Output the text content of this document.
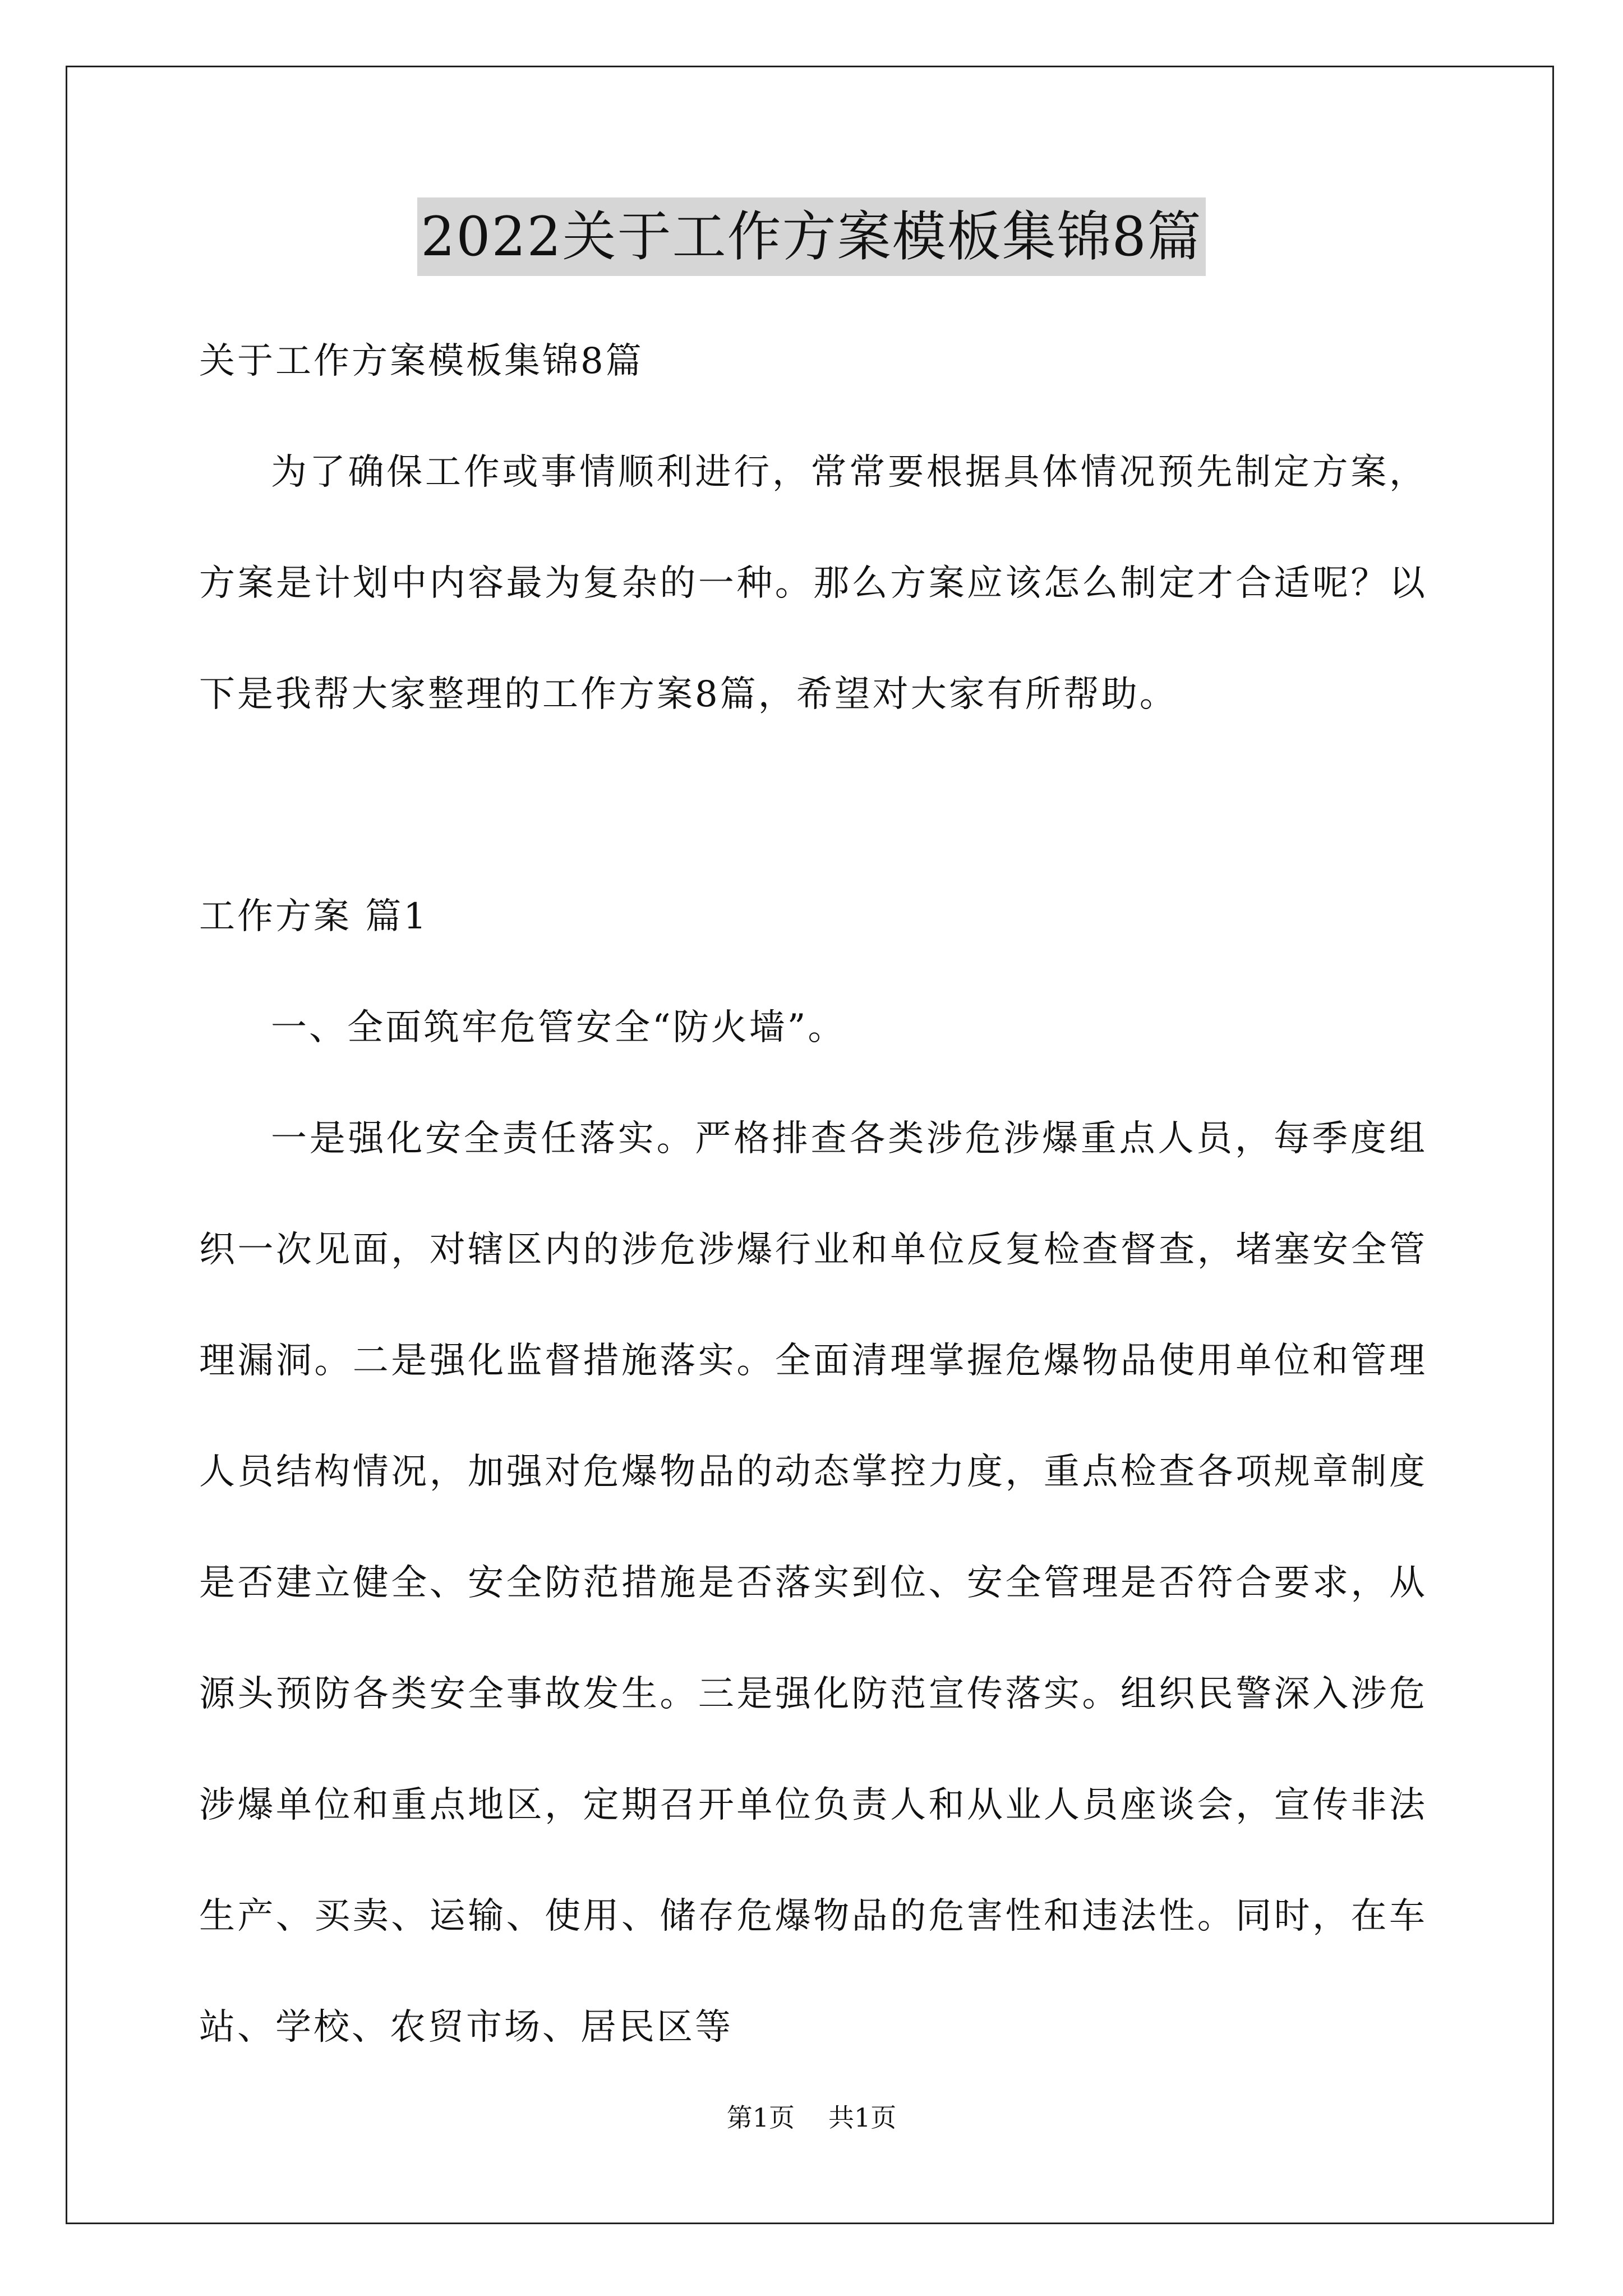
2022关于工作方案模板集锦8篇

关于工作方案模板集锦8篇

为了确保工作或事情顺利进行，常常要根据具体情况预先制定方案，方案是计划中内容最为复杂的一种。那么方案应该怎么制定才合适呢？以下是我帮大家整理的工作方案8篇，希望对大家有所帮助。

工作方案 篇1

一、全面筑牢危管安全“防火墙”。

一是强化安全责任落实。严格排查各类涉危涉爆重点人员，每季度组织一次见面，对辖区内的涉危涉爆行业和单位反复检查督查，堵塞安全管理漏洞。二是强化监督措施落实。全面清理掌握危爆物品使用单位和管理人员结构情况，加强对危爆物品的动态掌控力度，重点检查各项规章制度是否建立健全、安全防范措施是否落实到位、安全管理是否符合要求，从源头预防各类安全事故发生。三是强化防范宣传落实。组织民警深入涉危涉爆单位和重点地区，定期召开单位负责人和从业人员座谈会，宣传非法生产、买卖、运输、使用、储存危爆物品的危害性和违法性。同时，在车站、学校、农贸市场、居民区等

第1页 共1页
